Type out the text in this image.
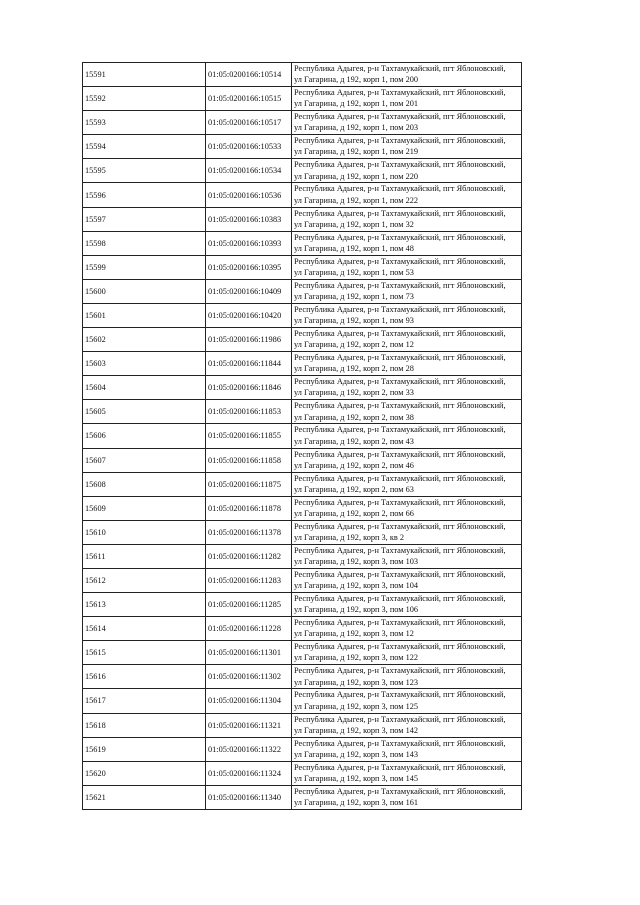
15591	01:05:0200166:10514	Республика Адыгея, р-н Тахтамукайский, пгт Яблоновский,
ул Гагарина, д 192, корп 1, пом 200

15592	01:05:0200166:10515	Республика Адыгея, р-н Тахтамукайский, пгт Яблоновский,
ул Гагарина, д 192, корп 1, пом 201

15593	01:05:0200166:10517	Республика Адыгея, р-н Тахтамукайский, пгт Яблоновский,
ул Гагарина, д 192, корп 1, пом 203

15594	01:05:0200166:10533	Республика Адыгея, р-н Тахтамукайский, пгт Яблоновский,
ул Гагарина, д 192, корп 1, пом 219

15595	01:05:0200166:10534	Республика Адыгея, р-н Тахтамукайский, пгт Яблоновский,
ул Гагарина, д 192, корп 1, пом 220

15596	01:05:0200166:10536	Республика Адыгея, р-н Тахтамукайский, пгт Яблоновский,
ул Гагарина, д 192, корп 1, пом 222

15597	01:05:0200166:10383	Республика Адыгея, р-н Тахтамукайский, пгт Яблоновский,
ул Гагарина, д 192, корп 1, пом 32

15598	01:05:0200166:10393	Республика Адыгея, р-н Тахтамукайский, пгт Яблоновский,
ул Гагарина, д 192, корп 1, пом 48

15599	01:05:0200166:10395	Республика Адыгея, р-н Тахтамукайский, пгт Яблоновский,
ул Гагарина, д 192, корп 1, пом 53

15600	01:05:0200166:10409	Республика Адыгея, р-н Тахтамукайский, пгт Яблоновский,
ул Гагарина, д 192, корп 1, пом 73

15601	01:05:0200166:10420	Республика Адыгея, р-н Тахтамукайский, пгт Яблоновский,
ул Гагарина, д 192, корп 1, пом 93

15602	01:05:0200166:11986	Республика Адыгея, р-н Тахтамукайский, пгт Яблоновский,
ул Гагарина, д 192, корп 2, пом 12

15603	01:05:0200166:11844	Республика Адыгея, р-н Тахтамукайский, пгт Яблоновский,
ул Гагарина, д 192, корп 2, пом 28

15604	01:05:0200166:11846	Республика Адыгея, р-н Тахтамукайский, пгт Яблоновский,
ул Гагарина, д 192, корп 2, пом 33

15605	01:05:0200166:11853	Республика Адыгея, р-н Тахтамукайский, пгт Яблоновский,
ул Гагарина, д 192, корп 2, пом 38

15606	01:05:0200166:11855	Республика Адыгея, р-н Тахтамукайский, пгт Яблоновский,
ул Гагарина, д 192, корп 2, пом 43

15607	01:05:0200166:11858	Республика Адыгея, р-н Тахтамукайский, пгт Яблоновский,
ул Гагарина, д 192, корп 2, пом 46

15608	01:05:0200166:11875	Республика Адыгея, р-н Тахтамукайский, пгт Яблоновский,
ул Гагарина, д 192, корп 2, пом 63

15609	01:05:0200166:11878	Республика Адыгея, р-н Тахтамукайский, пгт Яблоновский,
ул Гагарина, д 192, корп 2, пом 66

15610	01:05:0200166:11378	Республика Адыгея, р-н Тахтамукайский, пгт Яблоновский,
ул Гагарина, д 192, корп 3, кв 2

15611	01:05:0200166:11282	Республика Адыгея, р-н Тахтамукайский, пгт Яблоновский,
ул Гагарина, д 192, корп 3, пом 103

15612	01:05:0200166:11283	Республика Адыгея, р-н Тахтамукайский, пгт Яблоновский,
ул Гагарина, д 192, корп 3, пом 104

15613	01:05:0200166:11285	Республика Адыгея, р-н Тахтамукайский, пгт Яблоновский,
ул Гагарина, д 192, корп 3, пом 106

15614	01:05:0200166:11228	Республика Адыгея, р-н Тахтамукайский, пгт Яблоновский,
ул Гагарина, д 192, корп 3, пом 12

15615	01:05:0200166:11301	Республика Адыгея, р-н Тахтамукайский, пгт Яблоновский,
ул Гагарина, д 192, корп 3, пом 122

15616	01:05:0200166:11302	Республика Адыгея, р-н Тахтамукайский, пгт Яблоновский,
ул Гагарина, д 192, корп 3, пом 123

15617	01:05:0200166:11304	Республика Адыгея, р-н Тахтамукайский, пгт Яблоновский,
ул Гагарина, д 192, корп 3, пом 125

15618	01:05:0200166:11321	Республика Адыгея, р-н Тахтамукайский, пгт Яблоновский,
ул Гагарина, д 192, корп 3, пом 142

15619	01:05:0200166:11322	Республика Адыгея, р-н Тахтамукайский, пгт Яблоновский,
ул Гагарина, д 192, корп 3, пом 143

15620	01:05:0200166:11324	Республика Адыгея, р-н Тахтамукайский, пгт Яблоновский,
ул Гагарина, д 192, корп 3, пом 145

15621	01:05:0200166:11340	Республика Адыгея, р-н Тахтамукайский, пгт Яблоновский,
ул Гагарина, д 192, корп 3, пом 161
